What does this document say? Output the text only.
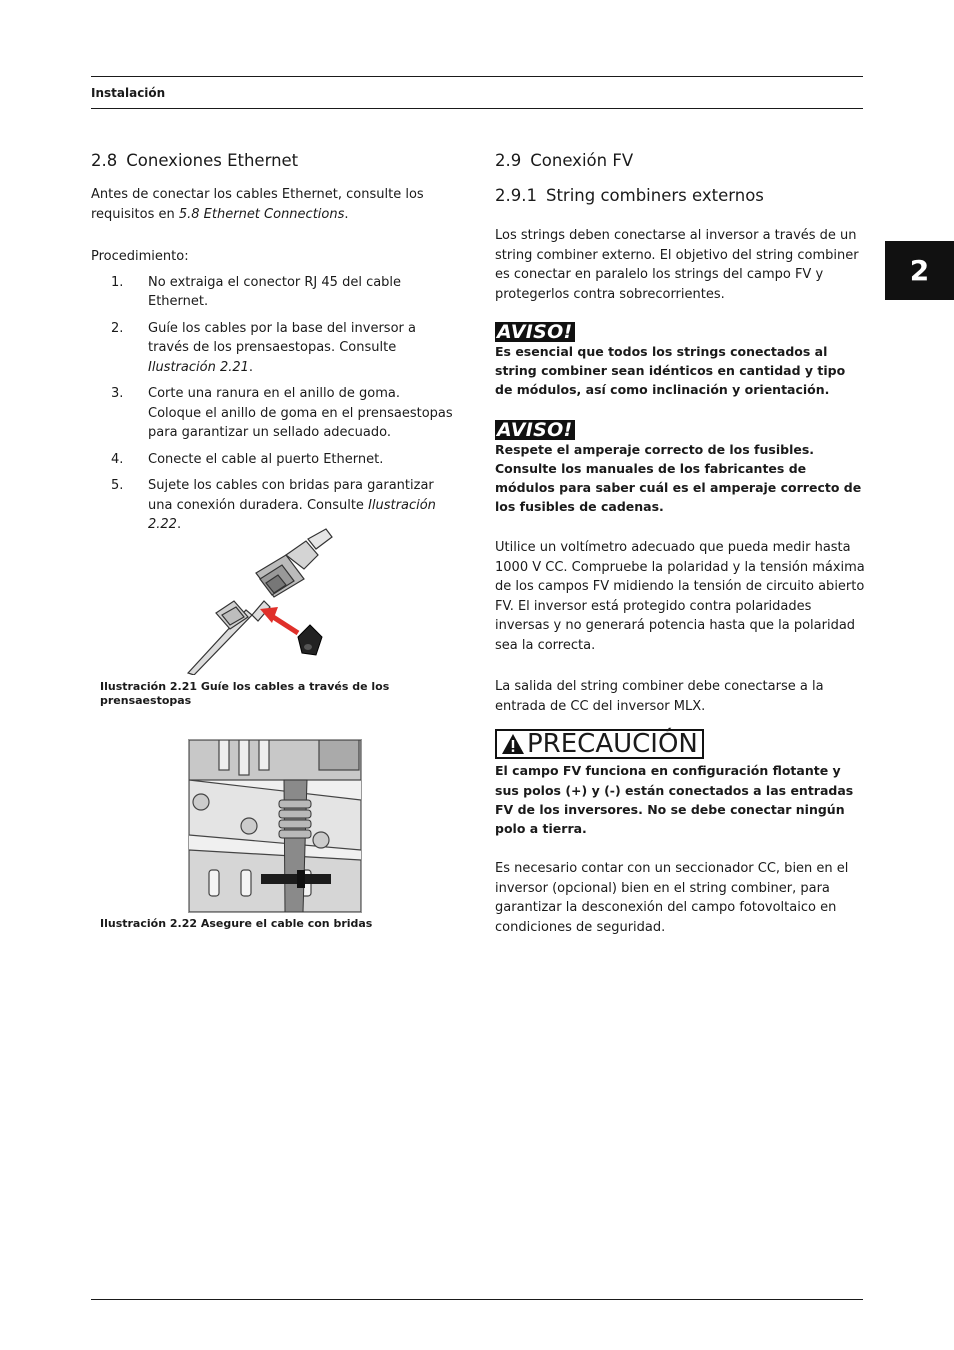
Instalación
2
2.8 Conexiones Ethernet

Antes de conectar los cables Ethernet, consulte los requisitos en 5.8 Ethernet Connections.

Procedimiento:

1. No extraiga el conector RJ 45 del cable Ethernet.
2. Guíe los cables por la base del inversor a través de los prensaestopas. Consulte Ilustración 2.21.
3. Corte una ranura en el anillo de goma. Coloque el anillo de goma en el prensaestopas para garantizar un sellado adecuado.
4. Conecte el cable al puerto Ethernet.
5. Sujete los cables con bridas para garantizar una conexión duradera. Consulte Ilustración 2.22.
Ilustración 2.21 Guíe los cables a través de los prensaestopas
Ilustración 2.22 Asegure el cable con bridas
2.9 Conexión FV
2.9.1 String combiners externos

Los strings deben conectarse al inversor a través de un string combiner externo. El objetivo del string combiner es conectar en paralelo los strings del campo FV y protegerlos contra sobrecorrientes.

AVISO!

Es esencial que todos los strings conectados al string combiner sean idénticos en cantidad y tipo de módulos, así como inclinación y orientación.

AVISO!

Respete el amperaje correcto de los fusibles. Consulte los manuales de los fabricantes de módulos para saber cuál es el amperaje correcto de los fusibles de cadenas.

Utilice un voltímetro adecuado que pueda medir hasta 1000 V CC. Compruebe la polaridad y la tensión máxima de los campos FV midiendo la tensión de circuito abierto FV. El inversor está protegido contra polaridades inversas y no generará potencia hasta que la polaridad sea la correcta.

La salida del string combiner debe conectarse a la entrada de CC del inversor MLX.

PRECAUCIÓN

El campo FV funciona en configuración flotante y sus polos (+) y (-) están conectados a las entradas FV de los inversores. No se debe conectar ningún polo a tierra.

Es necesario contar con un seccionador CC, bien en el inversor (opcional) bien en el string combiner, para garantizar la desconexión del campo fotovoltaico en condiciones de seguridad.
